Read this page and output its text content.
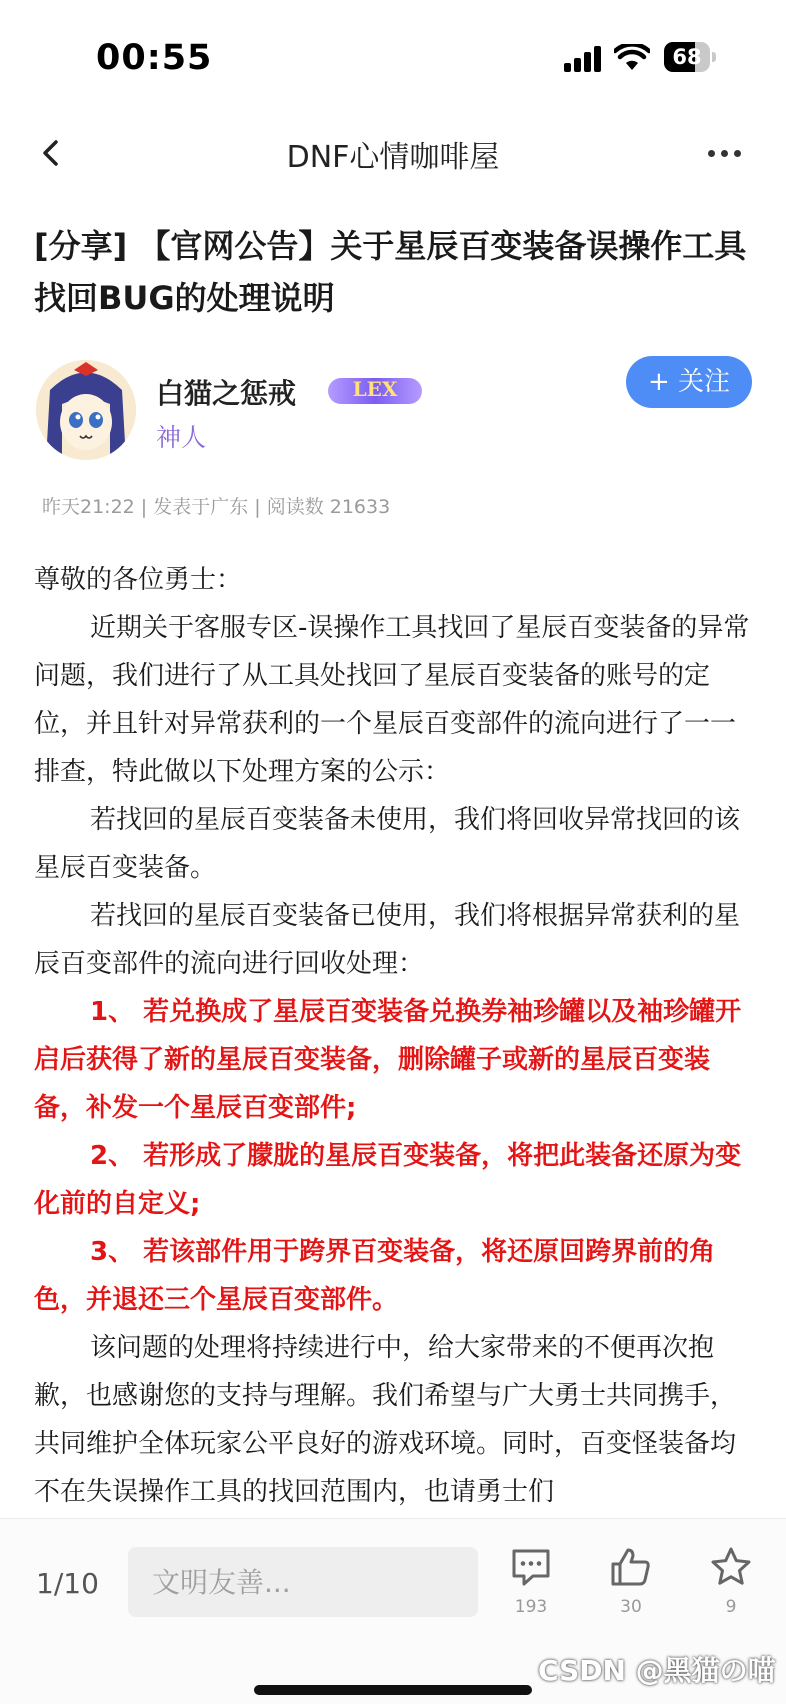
00:55	68
DNF心情咖啡屋
[分享] 【官网公告】关于星辰百变装备误操作工具找回BUG的处理说明
白猫之惩戒	LEX
神人
+ 关注
昨天21:22 | 发表于广东 | 阅读数 21633

尊敬的各位勇士：

近期关于客服专区-误操作工具找回了星辰百变装备的异常问题，我们进行了从工具处找回了星辰百变装备的账号的定位，并且针对异常获利的一个星辰百变部件的流向进行了一一排查，特此做以下处理方案的公示：

若找回的星辰百变装备未使用，我们将回收异常找回的该星辰百变装备。

若找回的星辰百变装备已使用，我们将根据异常获利的星辰百变部件的流向进行回收处理：

1、 若兑换成了星辰百变装备兑换券袖珍罐以及袖珍罐开启后获得了新的星辰百变装备，删除罐子或新的星辰百变装备，补发一个星辰百变部件;

2、 若形成了朦胧的星辰百变装备，将把此装备还原为变化前的自定义;

3、 若该部件用于跨界百变装备，将还原回跨界前的角色，并退还三个星辰百变部件。

该问题的处理将持续进行中，给大家带来的不便再次抱歉，也感谢您的支持与理解。我们希望与广大勇士共同携手，共同维护全体玩家公平良好的游戏环境。同时，百变怪装备均不在失误操作工具的找回范围内，也请勇士们

1/10
文明友善...
193	30	9
CSDN @黑猫の喵
